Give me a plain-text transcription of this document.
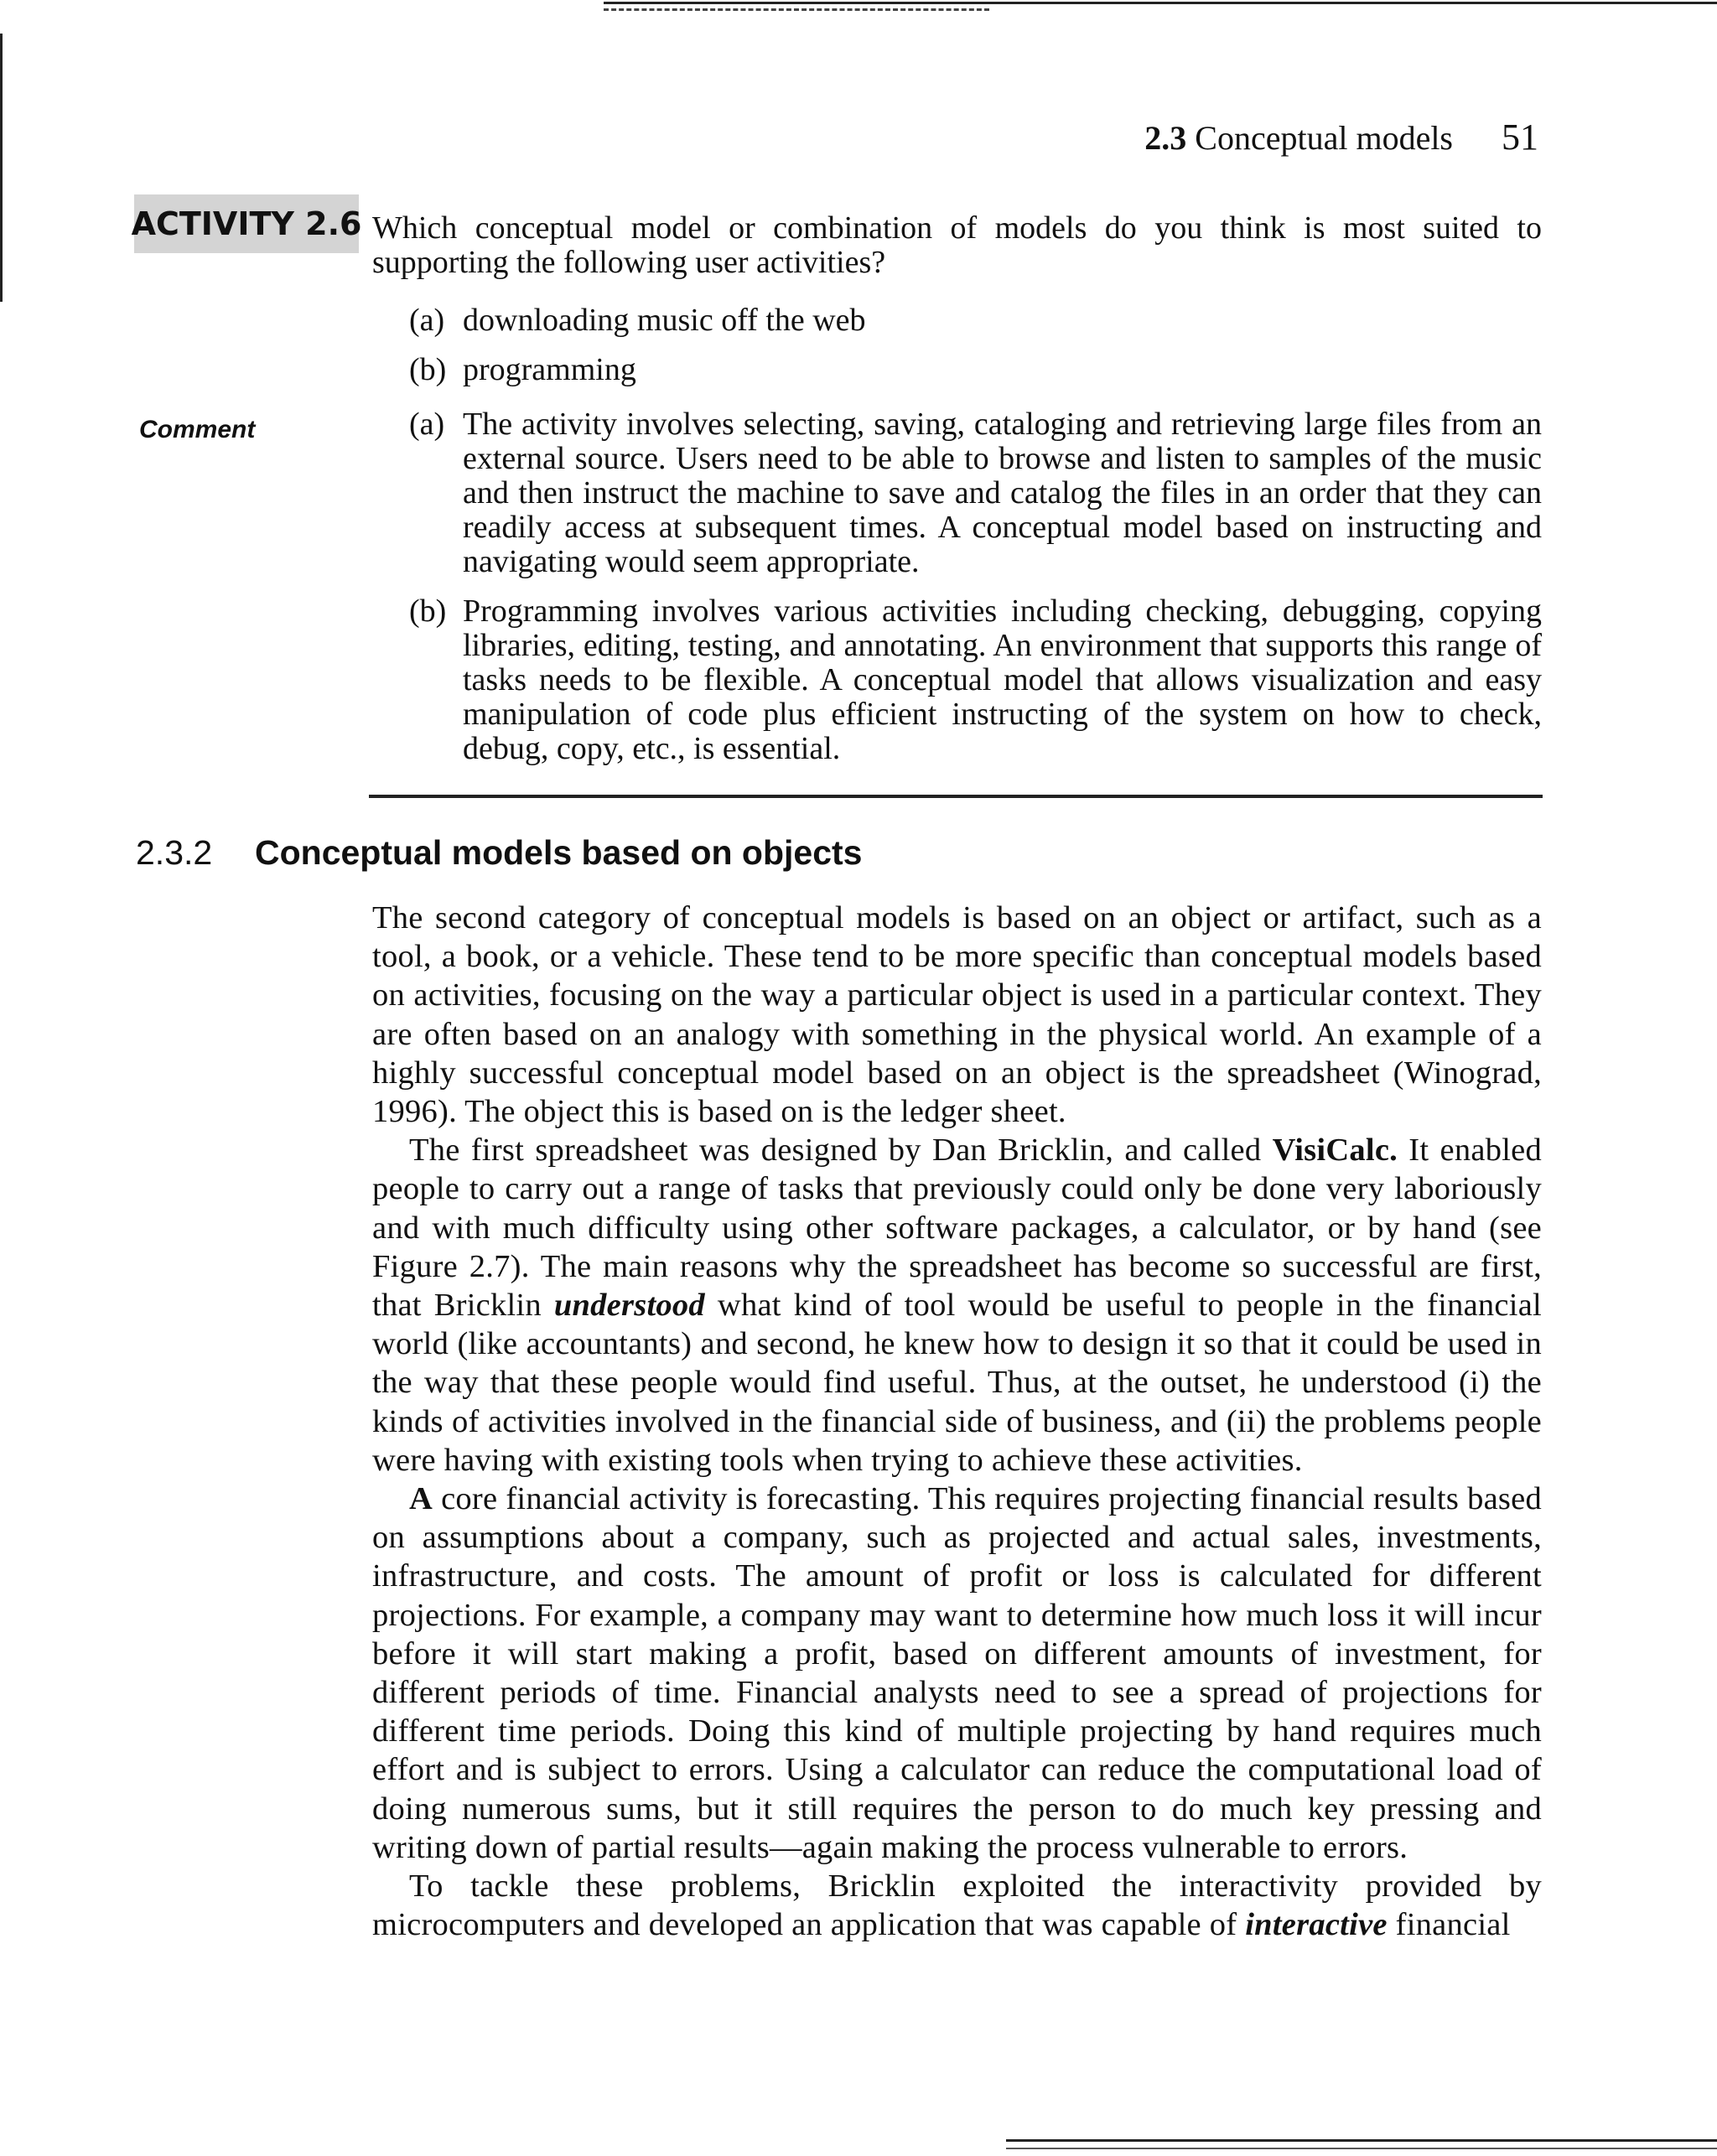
2.3 Conceptual models 51
ACTIVITY 2.6 Which conceptual model or combination of models do you think is most suited to supporting the following user activities?
(a) downloading music off the web
(b) programming
Comment	(a) The activity involves selecting, saving, cataloging and retrieving large files from an external source. Users need to be able to browse and listen to samples of the music and then instruct the machine to save and catalog the files in an order that they can readily access at subsequent times. A conceptual model based on instructing and navigating would seem appropriate.
(b) Programming involves various activities including checking, debugging, copying libraries, editing, testing, and annotating. An environment that supports this range of tasks needs to be flexible. A conceptual model that allows visualization and easy manipulation of code plus efficient instructing of the system on how to check, debug, copy, etc., is essential.
2.3.2 Conceptual models based on objects

The second category of conceptual models is based on an object or artifact, such as a tool, a book, or a vehicle. These tend to be more specific than conceptual models based on activities, focusing on the way a particular object is used in a particular context. They are often based on an analogy with something in the physical world. An example of a highly successful conceptual model based on an object is the spreadsheet (Winograd, 1996). The object this is based on is the ledger sheet.

The first spreadsheet was designed by Dan Bricklin, and called VisiCalc. It enabled people to carry out a range of tasks that previously could only be done very laboriously and with much difficulty using other software packages, a calculator, or by hand (see Figure 2.7). The main reasons why the spreadsheet has become so successful are first, that Bricklin understood what kind of tool would be useful to people in the financial world (like accountants) and second, he knew how to design it so that it could be used in the way that these people would find useful. Thus, at the outset, he understood (i) the kinds of activities involved in the financial side of business, and (ii) the problems people were having with existing tools when trying to achieve these activities.

A core financial activity is forecasting. This requires projecting financial results based on assumptions about a company, such as projected and actual sales, investments, infrastructure, and costs. The amount of profit or loss is calculated for different projections. For example, a company may want to determine how much loss it will incur before it will start making a profit, based on different amounts of investment, for different periods of time. Financial analysts need to see a spread of projections for different time periods. Doing this kind of multiple projecting by hand requires much effort and is subject to errors. Using a calculator can reduce the computational load of doing numerous sums, but it still requires the person to do much key pressing and writing down of partial results—again making the process vulnerable to errors.

To tackle these problems, Bricklin exploited the interactivity provided by microcomputers and developed an application that was capable of interactive financial
